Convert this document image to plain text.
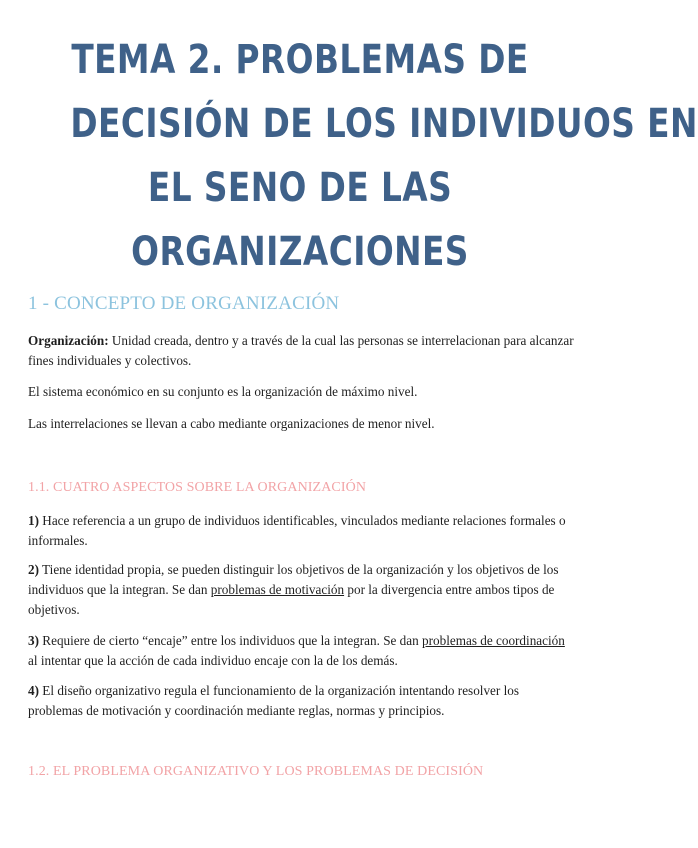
TEMA 2. PROBLEMAS DE
DECISIÓN DE LOS INDIVIDUOS EN
EL SENO DE LAS
ORGANIZACIONES
1 - CONCEPTO DE ORGANIZACIÓN
Organización: Unidad creada, dentro y a través de la cual las personas se interrelacionan para alcanzar fines individuales y colectivos.
El sistema económico en su conjunto es la organización de máximo nivel.
Las interrelaciones se llevan a cabo mediante organizaciones de menor nivel.
1.1. CUATRO ASPECTOS SOBRE LA ORGANIZACIÓN
1) Hace referencia a un grupo de individuos identificables, vinculados mediante relaciones formales o informales.
2) Tiene identidad propia, se pueden distinguir los objetivos de la organización y los objetivos de los individuos que la integran. Se dan problemas de motivación por la divergencia entre ambos tipos de objetivos.
3) Requiere de cierto “encaje” entre los individuos que la integran. Se dan problemas de coordinación al intentar que la acción de cada individuo encaje con la de los demás.
4) El diseño organizativo regula el funcionamiento de la organización intentando resolver los problemas de motivación y coordinación mediante reglas, normas y principios.
1.2. EL PROBLEMA ORGANIZATIVO Y LOS PROBLEMAS DE DECISIÓN
